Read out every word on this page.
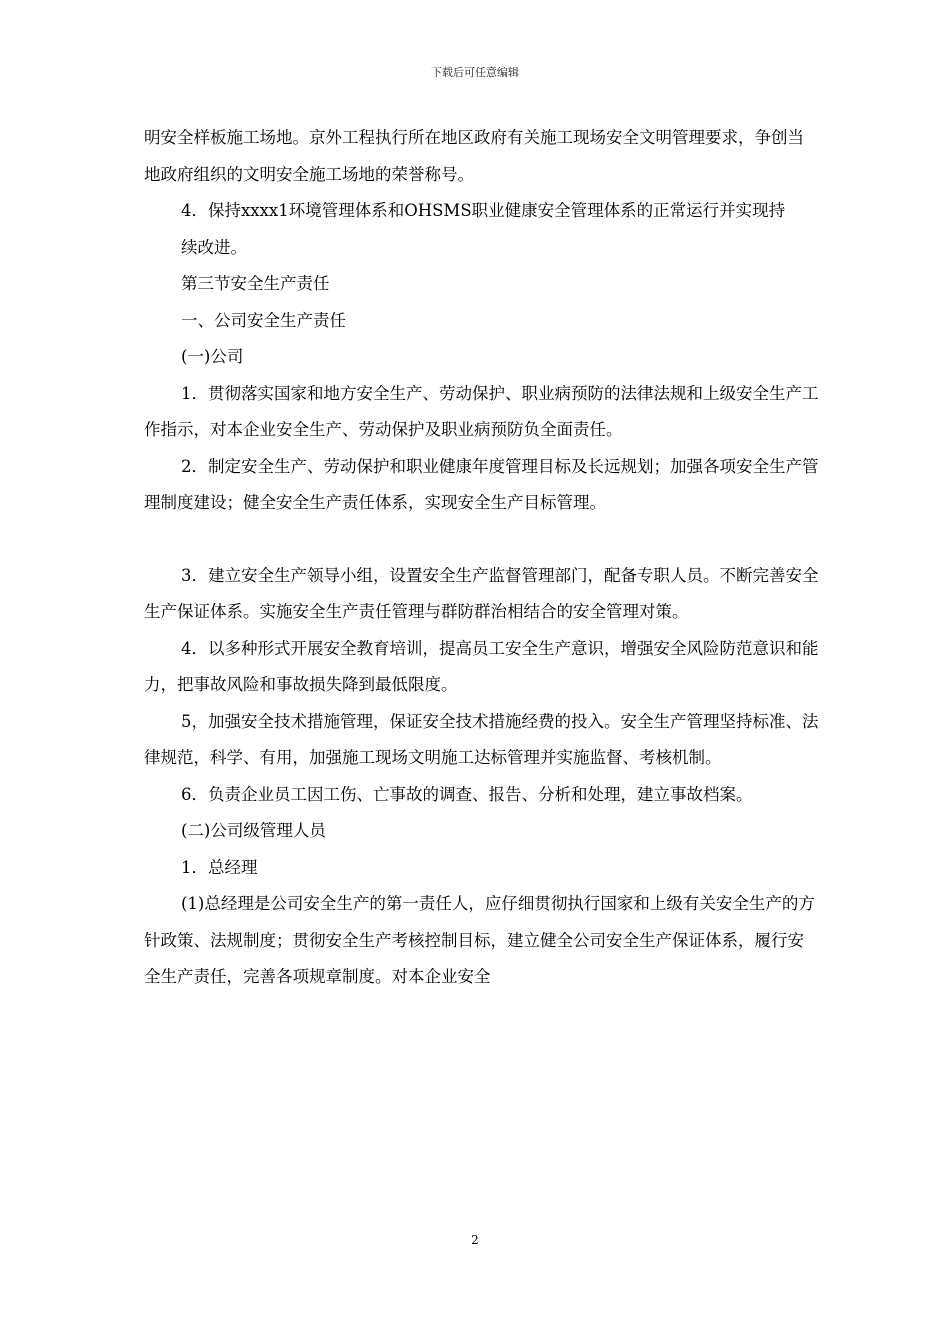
下载后可任意编辑

明安全样板施工场地。京外工程执行所在地区政府有关施工现场安全文明管理要求，争创当地政府组织的文明安全施工场地的荣誉称号。

4．保持xxxx1环境管理体系和OHSMS职业健康安全管理体系的正常运行并实现持

续改进。

第三节安全生产责任

一、公司安全生产责任

(一)公司

1．贯彻落实国家和地方安全生产、劳动保护、职业病预防的法律法规和上级安全生产工作指示，对本企业安全生产、劳动保护及职业病预防负全面责任。

2．制定安全生产、劳动保护和职业健康年度管理目标及长远规划；加强各项安全生产管理制度建设；健全安全生产责任体系，实现安全生产目标管理。

3．建立安全生产领导小组，设置安全生产监督管理部门，配备专职人员。不断完善安全生产保证体系。实施安全生产责任管理与群防群治相结合的安全管理对策。

4．以多种形式开展安全教育培训，提高员工安全生产意识，增强安全风险防范意识和能力，把事故风险和事故损失降到最低限度。

5，加强安全技术措施管理，保证安全技术措施经费的投入。安全生产管理坚持标准、法律规范，科学、有用，加强施工现场文明施工达标管理并实施监督、考核机制。

6．负责企业员工因工伤、亡事故的调查、报告、分析和处理，建立事故档案。

(二)公司级管理人员

1．总经理

(1)总经理是公司安全生产的第一责任人，应仔细贯彻执行国家和上级有关安全生产的方针政策、法规制度；贯彻安全生产考核控制目标，建立健全公司安全生产保证体系，履行安全生产责任，完善各项规章制度。对本企业安全

2
